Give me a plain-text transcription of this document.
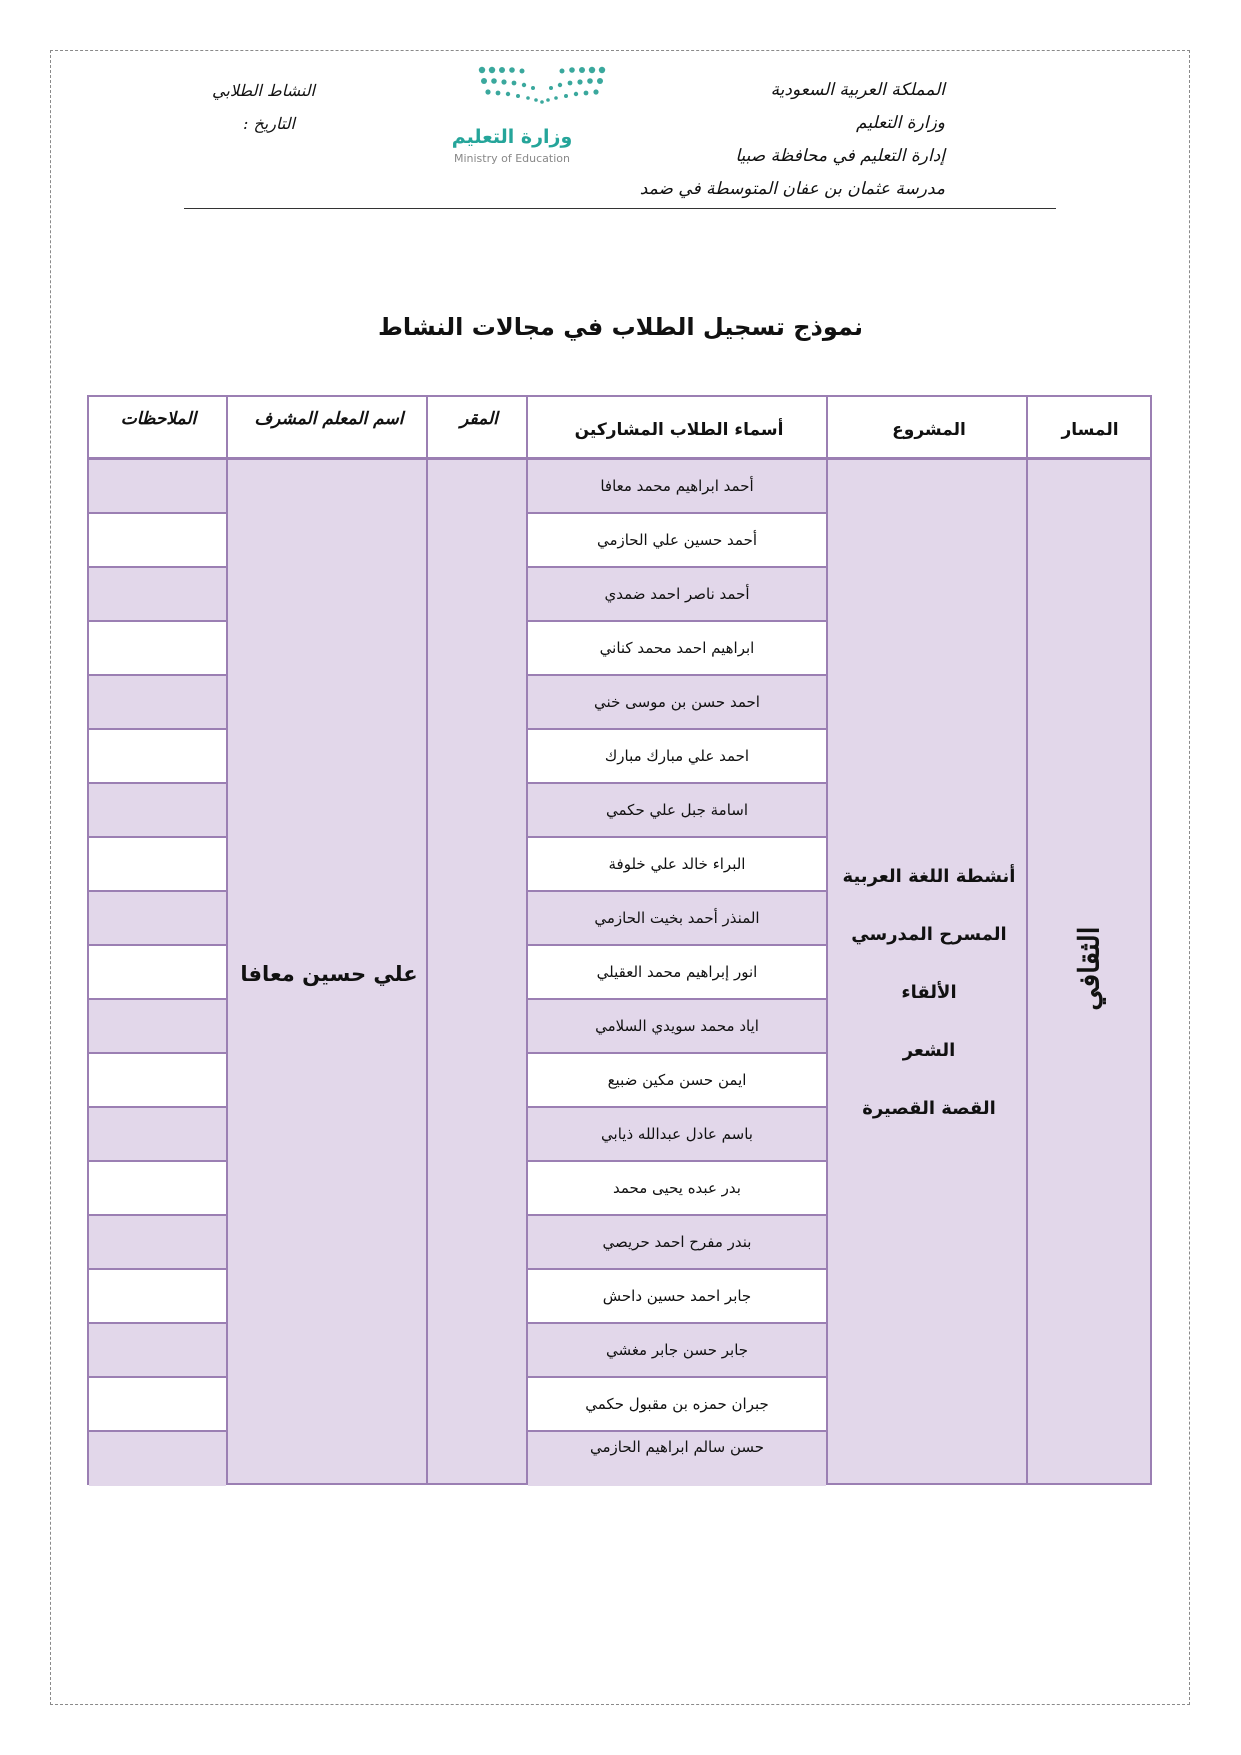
المملكة العربية السعودية
وزارة التعليم
إدارة التعليم في محافظة صبيا
مدرسة عثمان بن عفان المتوسطة في ضمد
النشاط الطلابي
التاريخ :
وزارة التعليم
Ministry of Education
نموذج تسجيل الطلاب في مجالات النشاط
المسار
المشروع
أسماء الطلاب المشاركين
المقر
اسم المعلم المشرف
الملاحظات
أحمد ابراهيم محمد معافا
أحمد حسين علي الحازمي
أحمد ناصر احمد ضمدي
ابراهيم احمد محمد كناني
احمد حسن بن موسى خني
احمد علي مبارك مبارك
اسامة جبل علي حكمي
البراء خالد علي خلوفة
المنذر أحمد بخيت الحازمي
انور إبراهيم محمد العقيلي
اياد محمد سويدي السلامي
ايمن حسن مكين ضبيع
باسم عادل عبدالله ذيابي
بدر عبده يحيى محمد
بندر مفرح احمد حريصي
جابر احمد حسين داحش
جابر حسن جابر مغشي
جبران حمزه بن مقبول حكمي
حسن سالم ابراهيم الحازمي
الثقافي
أنشطة اللغة العربية
المسرح المدرسي
الألقاء
الشعر
القصة القصيرة
علي حسين معافا
